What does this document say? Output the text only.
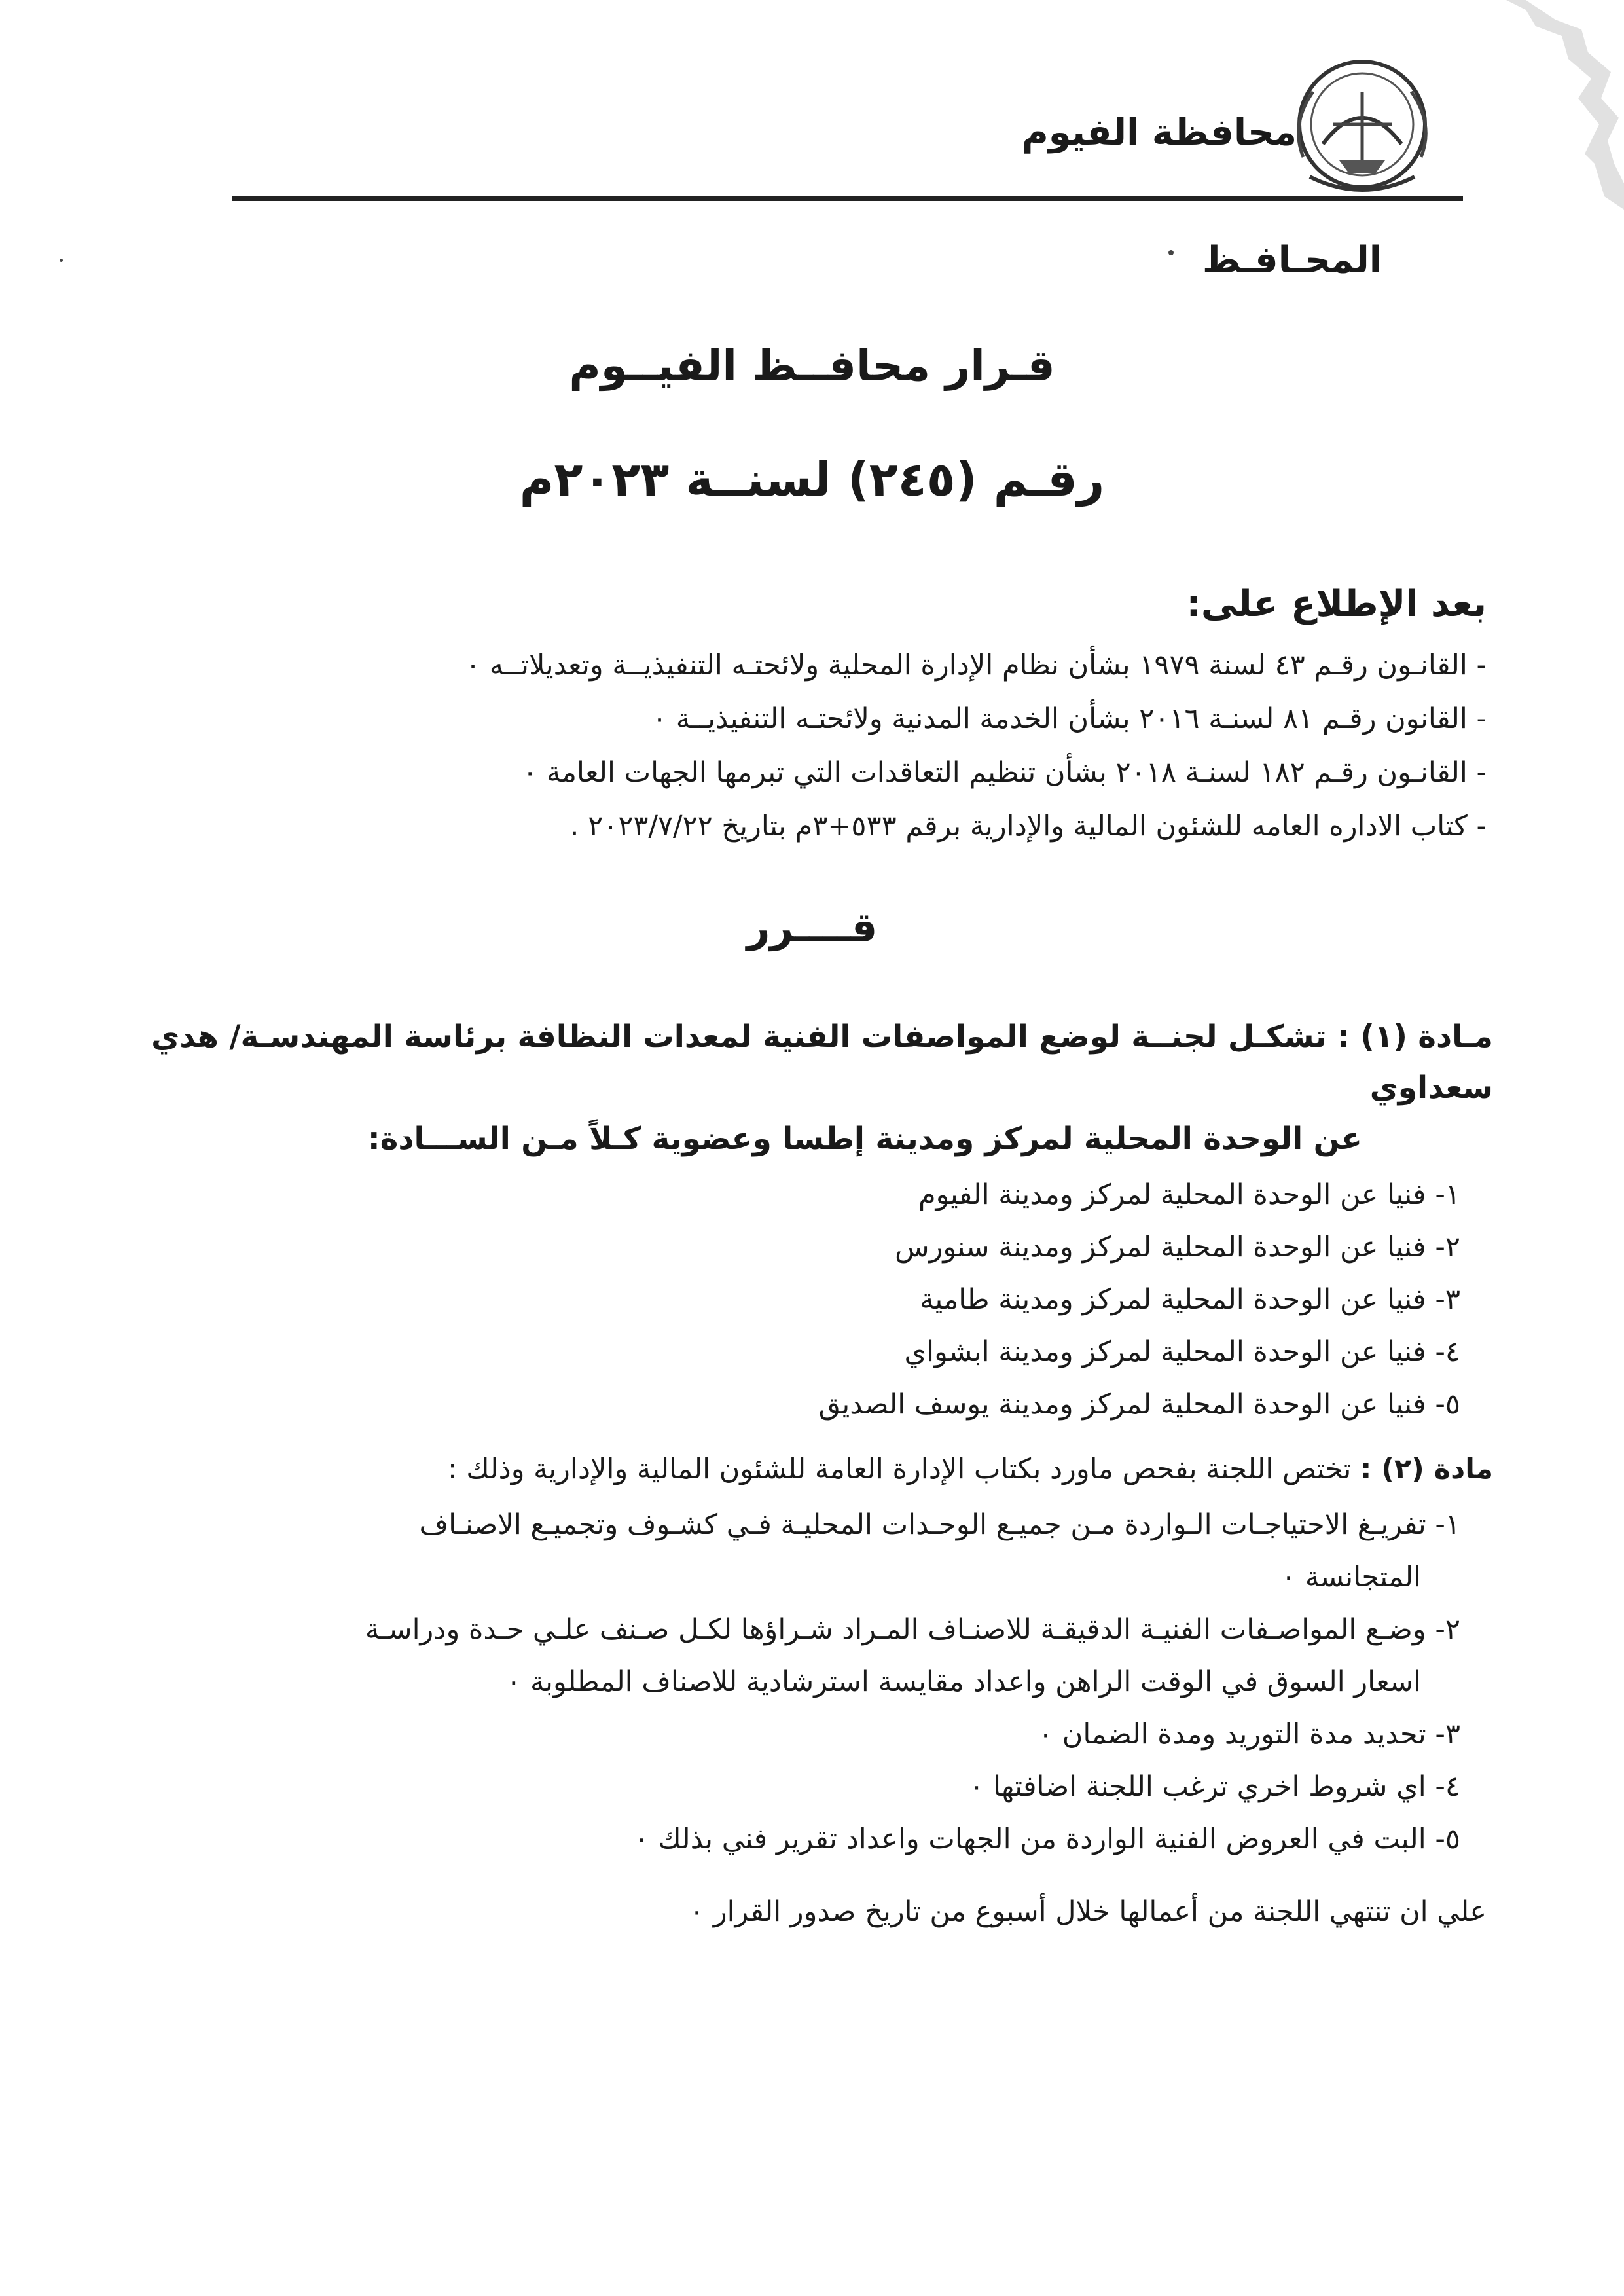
محافظة الفيوم
المحـافـظ
قـرار محافــظ الفيــوم
رقـم (٢٤٥) لسنــة ٢٠٢٣م
بعد الإطلاع على:
- القانـون رقـم ٤٣ لسنة ١٩٧٩ بشأن نظام الإدارة المحلية ولائحتـه التنفيذيــة وتعديلاتــه ٠
- القانون رقـم ٨١ لسنـة ٢٠١٦ بشأن الخدمة المدنية ولائحتـه التنفيذيــة ٠
- القانـون رقـم ١٨٢ لسنـة ٢٠١٨ بشأن تنظيم التعاقدات التي تبرمها الجهات العامة ٠
- كتاب الاداره العامه للشئون المالية والإدارية برقم ٥٣٣+٣م بتاريخ ٢٠٢٣/٧/٢٢ .
قــــرر
مـادة (١) : تشكـل لجنــة لوضع المواصفات الفنية لمعدات النظافة برئاسة المهندسـة/ هدي سعداوي
عن الوحدة المحلية لمركز ومدينة إطسا وعضوية كـلاً مـن الســـادة:
١- فنيا عن الوحدة المحلية لمركز ومدينة الفيوم
٢- فنيا عن الوحدة المحلية لمركز ومدينة سنورس
٣- فنيا عن الوحدة المحلية لمركز ومدينة طامية
٤- فنيا عن الوحدة المحلية لمركز ومدينة ابشواي
٥- فنيا عن الوحدة المحلية لمركز ومدينة يوسف الصديق
مادة (٢) : تختص اللجنة بفحص ماورد بكتاب الإدارة العامة للشئون المالية والإدارية وذلك :
١- تفريـغ الاحتياجـات الـواردة مـن جميـع الوحـدات المحليـة فـي كشـوف وتجميـع الاصنـاف
المتجانسة ٠
٢- وضـع المواصـفات الفنيـة الدقيقـة للاصنـاف المـراد شـراؤها لكـل صـنف علـي حـدة ودراسـة
اسعار السوق في الوقت الراهن واعداد مقايسة استرشادية للاصناف المطلوبة ٠
٣- تحديد مدة التوريد ومدة الضمان ٠
٤- اي شروط اخري ترغب اللجنة اضافتها ٠
٥- البت في العروض الفنية الواردة من الجهات واعداد تقرير فني بذلك ٠

علي ان تنتهي اللجنة من أعمالها خلال أسبوع من تاريخ صدور القرار ٠
